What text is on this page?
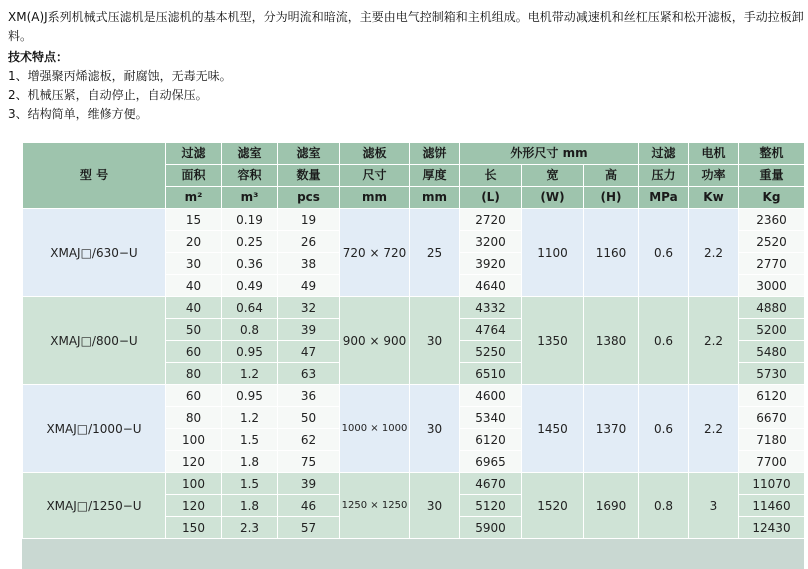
XM(A)J系列机械式压滤机是压滤机的基本机型，分为明流和暗流，主要由电气控制箱和主机组成。电机带动减速机和丝杠压紧和松开滤板，手动拉板卸料。

技术特点：

1、增强聚丙烯滤板，耐腐蚀，无毒无味。

2、机械压紧，自动停止，自动保压。

3、结构简单，维修方便。

型 号	过滤	滤室	滤室	滤板	滤饼	外形尺寸 mm			过滤	电机	整机
	面积	容积	数量	尺寸	厚度	长	宽	高	压力	功率	重量
	m²	m³	pcs	mm	mm	(L)	(W)	(H)	MPa	Kw	Kg
XMAJ□/630−U	15	0.19	19	720 × 720	25	2720	1100	1160	0.6	2.2	2360
	20	0.25	26			3200					2520
	30	0.36	38			3920					2770
	40	0.49	49			4640					3000
XMAJ□/800−U	40	0.64	32	900 × 900	30	4332	1350	1380	0.6	2.2	4880
	50	0.8	39			4764					5200
	60	0.95	47			5250					5480
	80	1.2	63			6510					5730
XMAJ□/1000−U	60	0.95	36	1000 × 1000	30	4600	1450	1370	0.6	2.2	6120
	80	1.2	50			5340					6670
	100	1.5	62			6120					7180
	120	1.8	75			6965					7700
XMAJ□/1250−U	100	1.5	39	1250 × 1250	30	4670	1520	1690	0.8	3	11070
	120	1.8	46			5120					11460
	150	2.3	57			5900					12430
